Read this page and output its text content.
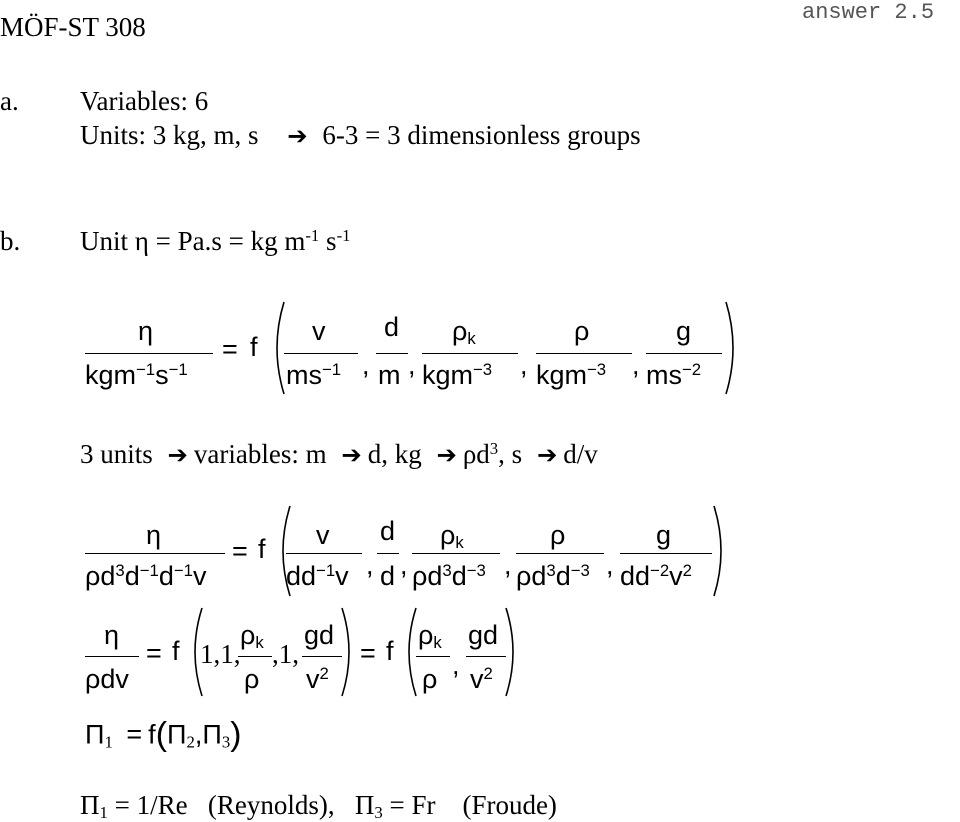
MÖF-ST 308	answer 2.5
a. Variables: 6
Units: 3 kg, m, s ➔ 6-3 = 3 dimensionless groups
b. Unit η = Pa.s = kg $m^{-1}$ $s^{-1}$
η
$kgm^{-1}s^{-1}$
= f
v
$ms^{-1}$ ,
d
m ,
$\rho_k$
kgm$^{-3}$ ,
ρ
kgm$^{-3}$ ,
g
$ms^{-2}$
3 units ➔ variables: m ➔ d, kg ➔ $\rho d^3$, s ➔ d/v
η
$\rho d^3d^{-1}d^{-1}v$
= f v
$dd^{-1}v$ ,
d
d ,
$\rho_k$
$\rho d^3d^{-3}$ ,
ρ
$\rho d^3d^{-3}$ ,
g
$dd^{-2}v^2$
η
ρdv
= f 1,1,
$\rho_k$
ρ
,1,
gd
$v^2$
= f
$\rho_k$
ρ ,
gd
$v^2$
$\Pi_1 = f(\Pi_2,\Pi_3)$
$\Pi_1 = 1/Re$   (Reynolds),   $\Pi_3 = Fr$    (Froude)
